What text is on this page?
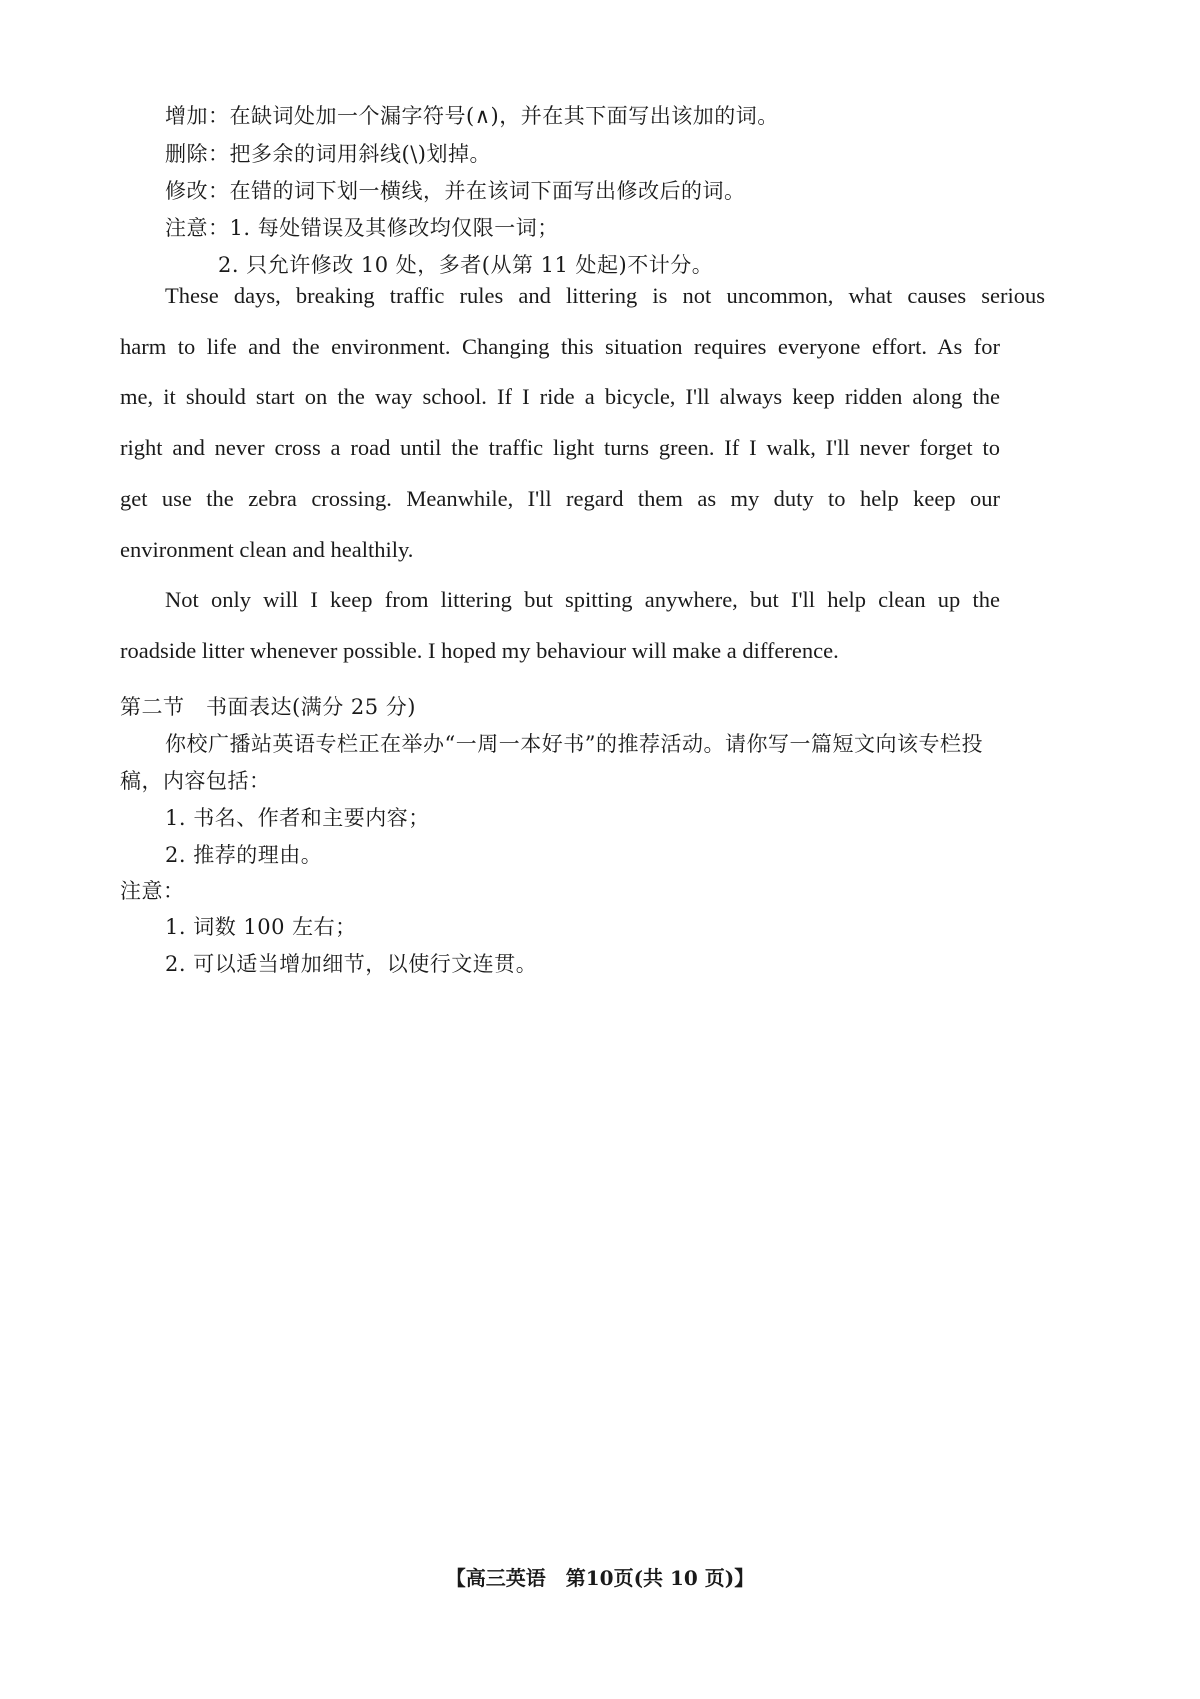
增加：在缺词处加一个漏字符号(∧)，并在其下面写出该加的词。
删除：把多余的词用斜线(\)划掉。
修改：在错的词下划一横线，并在该词下面写出修改后的词。
注意：1. 每处错误及其修改均仅限一词；
2. 只允许修改 10 处，多者(从第 11 处起)不计分。
These days, breaking traffic rules and littering is not uncommon, what causes serious
harm to life and the environment. Changing this situation requires everyone effort. As for
me, it should start on the way school. If I ride a bicycle, I'll always keep ridden along the
right and never cross a road until the traffic light turns green. If I walk, I'll never forget to
get use the zebra crossing. Meanwhile, I'll regard them as my duty to help keep our
environment clean and healthily.
Not only will I keep from littering but spitting anywhere, but I'll help clean up the
roadside litter whenever possible. I hoped my behaviour will make a difference.
第二节　书面表达(满分 25 分)
你校广播站英语专栏正在举办“一周一本好书”的推荐活动。请你写一篇短文向该专栏投
稿，内容包括：
1. 书名、作者和主要内容；
2. 推荐的理由。
注意：
1. 词数 100 左右；
2. 可以适当增加细节，以使行文连贯。
【高三英语　第10页(共 10 页)】
